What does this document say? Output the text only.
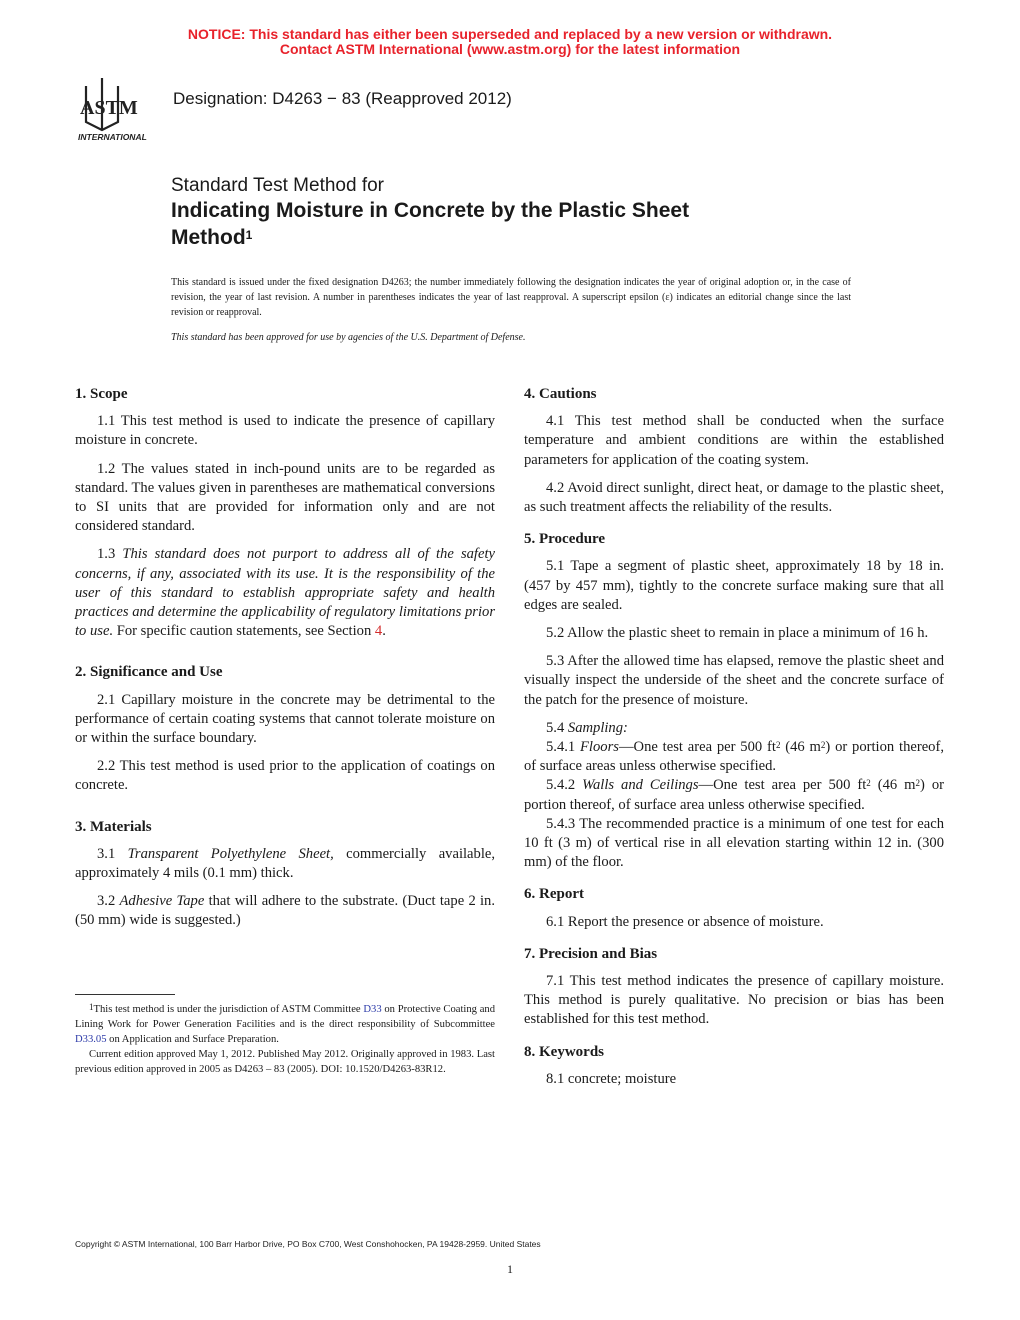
NOTICE: This standard has either been superseded and replaced by a new version or withdrawn.
Contact ASTM International (www.astm.org) for the latest information
ASTM
INTERNATIONAL
Designation: D4263 − 83 (Reapproved 2012)
Standard Test Method for
Indicating Moisture in Concrete by the Plastic Sheet
Method$^1$
This standard is issued under the fixed designation D4263; the number immediately following the designation indicates the year of original adoption or, in the case of revision, the year of last revision. A number in parentheses indicates the year of last reapproval. A superscript epsilon (ε) indicates an editorial change since the last revision or reapproval.
This standard has been approved for use by agencies of the U.S. Department of Defense.
1. Scope

1.1 This test method is used to indicate the presence of capillary moisture in concrete.

1.2 The values stated in inch-pound units are to be regarded as standard. The values given in parentheses are mathematical conversions to SI units that are provided for information only and are not considered standard.

1.3 This standard does not purport to address all of the safety concerns, if any, associated with its use. It is the responsibility of the user of this standard to establish appropriate safety and health practices and determine the applicability of regulatory limitations prior to use. For specific caution statements, see Section 4.

2. Significance and Use

2.1 Capillary moisture in the concrete may be detrimental to the performance of certain coating systems that cannot tolerate moisture on or within the surface boundary.

2.2 This test method is used prior to the application of coatings on concrete.

3. Materials

3.1 Transparent Polyethylene Sheet, commercially available, approximately 4 mils (0.1 mm) thick.

3.2 Adhesive Tape that will adhere to the substrate. (Duct tape 2 in. (50 mm) wide is suggested.)

4. Cautions

4.1 This test method shall be conducted when the surface temperature and ambient conditions are within the established parameters for application of the coating system.

4.2 Avoid direct sunlight, direct heat, or damage to the plastic sheet, as such treatment affects the reliability of the results.

5. Procedure

5.1 Tape a segment of plastic sheet, approximately 18 by 18 in. (457 by 457 mm), tightly to the concrete surface making sure that all edges are sealed.

5.2 Allow the plastic sheet to remain in place a minimum of 16 h.

5.3 After the allowed time has elapsed, remove the plastic sheet and visually inspect the underside of the sheet and the concrete surface of the patch for the presence of moisture.

5.4 Sampling:

5.4.1 Floors—One test area per 500 $ft^2$ (46 $m^2$) or portion thereof, of surface areas unless otherwise specified.

5.4.2 Walls and Ceilings—One test area per 500 $ft^2$ (46 $m^2$) or portion thereof, of surface area unless otherwise specified.

5.4.3 The recommended practice is a minimum of one test for each 10 ft (3 m) of vertical rise in all elevation starting within 12 in. (300 mm) of the floor.

6. Report

6.1 Report the presence or absence of moisture.

7. Precision and Bias

7.1 This test method indicates the presence of capillary moisture. This method is purely qualitative. No precision or bias has been established for this test method.

8. Keywords

8.1 concrete; moisture

$^1$This test method is under the jurisdiction of ASTM Committee D33 on Protective Coating and Lining Work for Power Generation Facilities and is the direct responsibility of Subcommittee D33.05 on Application and Surface Preparation.
Current edition approved May 1, 2012. Published May 2012. Originally approved in 1983. Last previous edition approved in 2005 as D4263 – 83 (2005). DOI: 10.1520/D4263-83R12.
Copyright © ASTM International, 100 Barr Harbor Drive, PO Box C700, West Conshohocken, PA 19428-2959. United States
1
